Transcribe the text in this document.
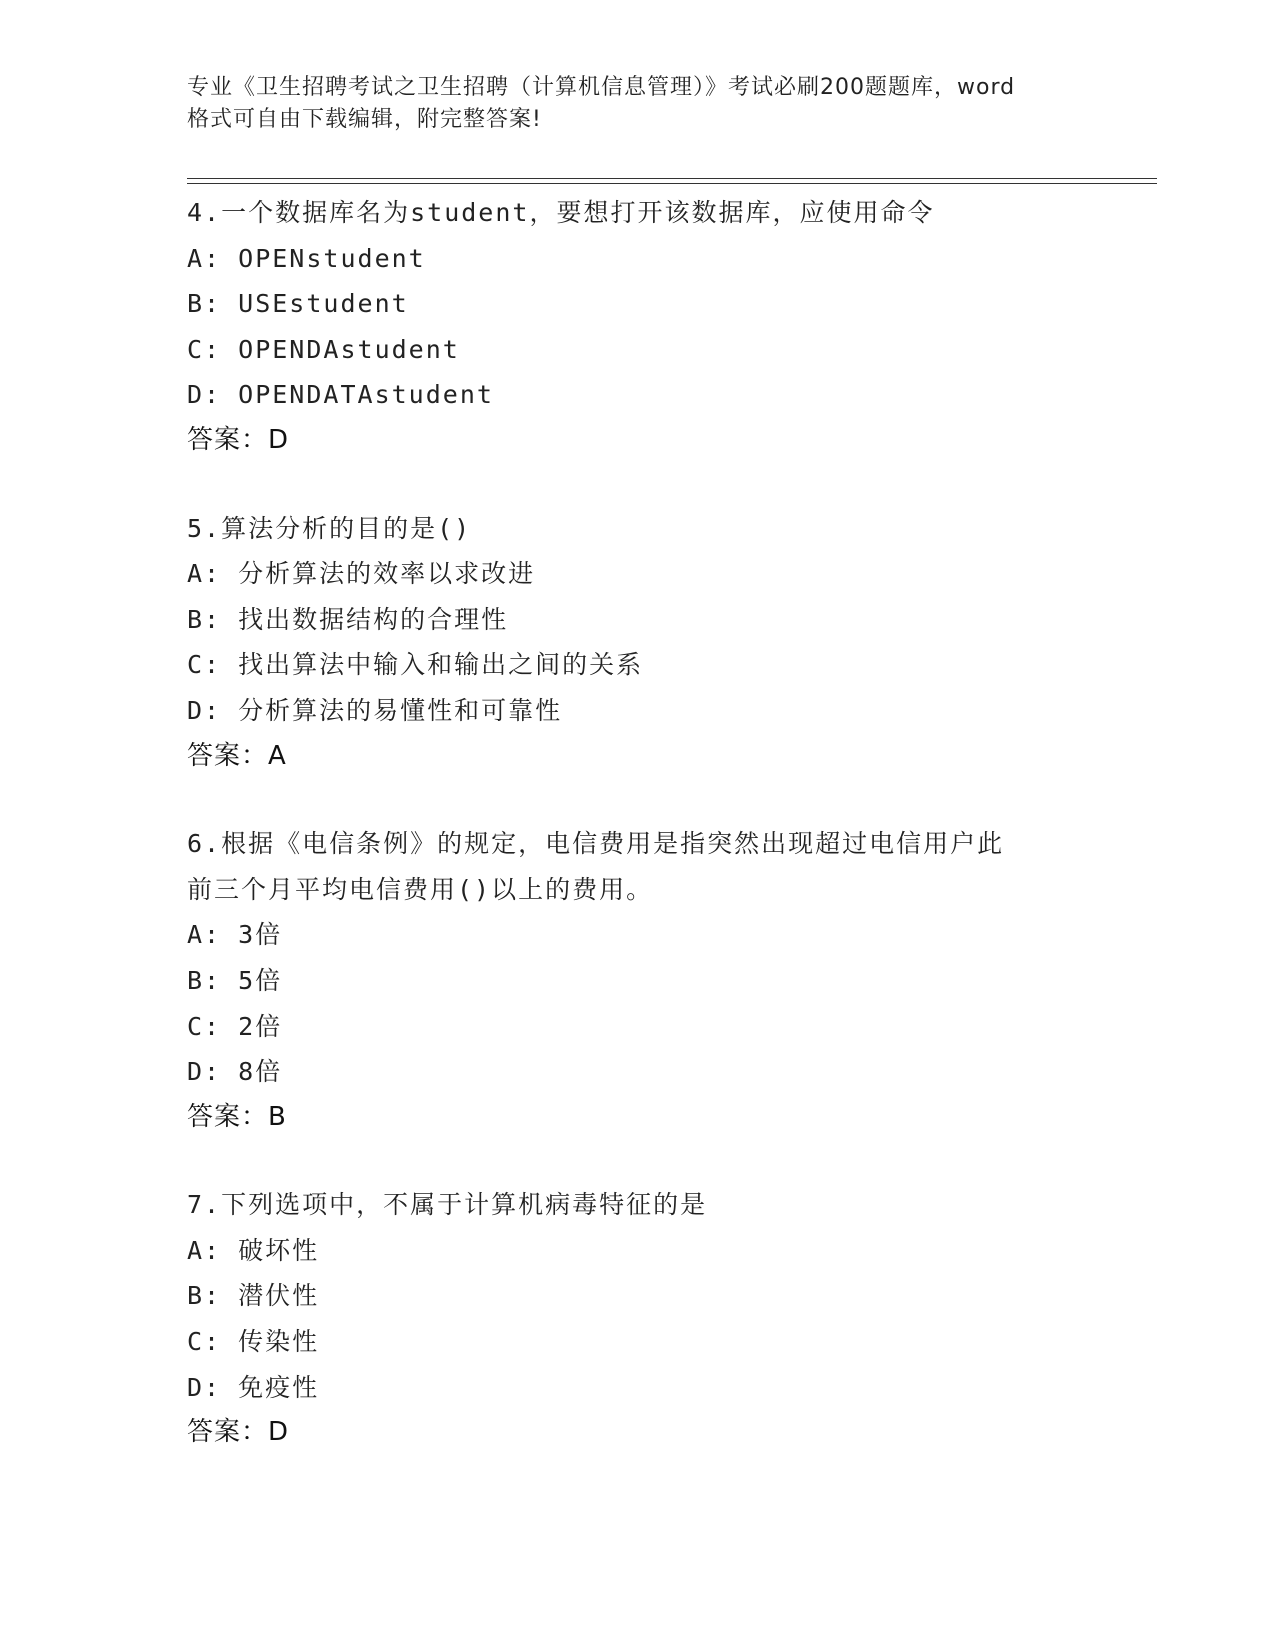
专业《卫生招聘考试之卫生招聘（计算机信息管理）》考试必刷200题题库，word
格式可自由下载编辑，附完整答案!
4.一个数据库名为student，要想打开该数据库，应使用命令
A: OPENstudent
B: USEstudent
C: OPENDAstudent
D: OPENDATAstudent
答案：D
5.算法分析的目的是()
A: 分析算法的效率以求改进
B: 找出数据结构的合理性
C: 找出算法中输入和输出之间的关系
D: 分析算法的易懂性和可靠性
答案：A
6.根据《电信条例》的规定，电信费用是指突然出现超过电信用户此
前三个月平均电信费用()以上的费用。
A: 3倍
B: 5倍
C: 2倍
D: 8倍
答案：B
7.下列选项中，不属于计算机病毒特征的是
A: 破坏性
B: 潜伏性
C: 传染性
D: 免疫性
答案：D
